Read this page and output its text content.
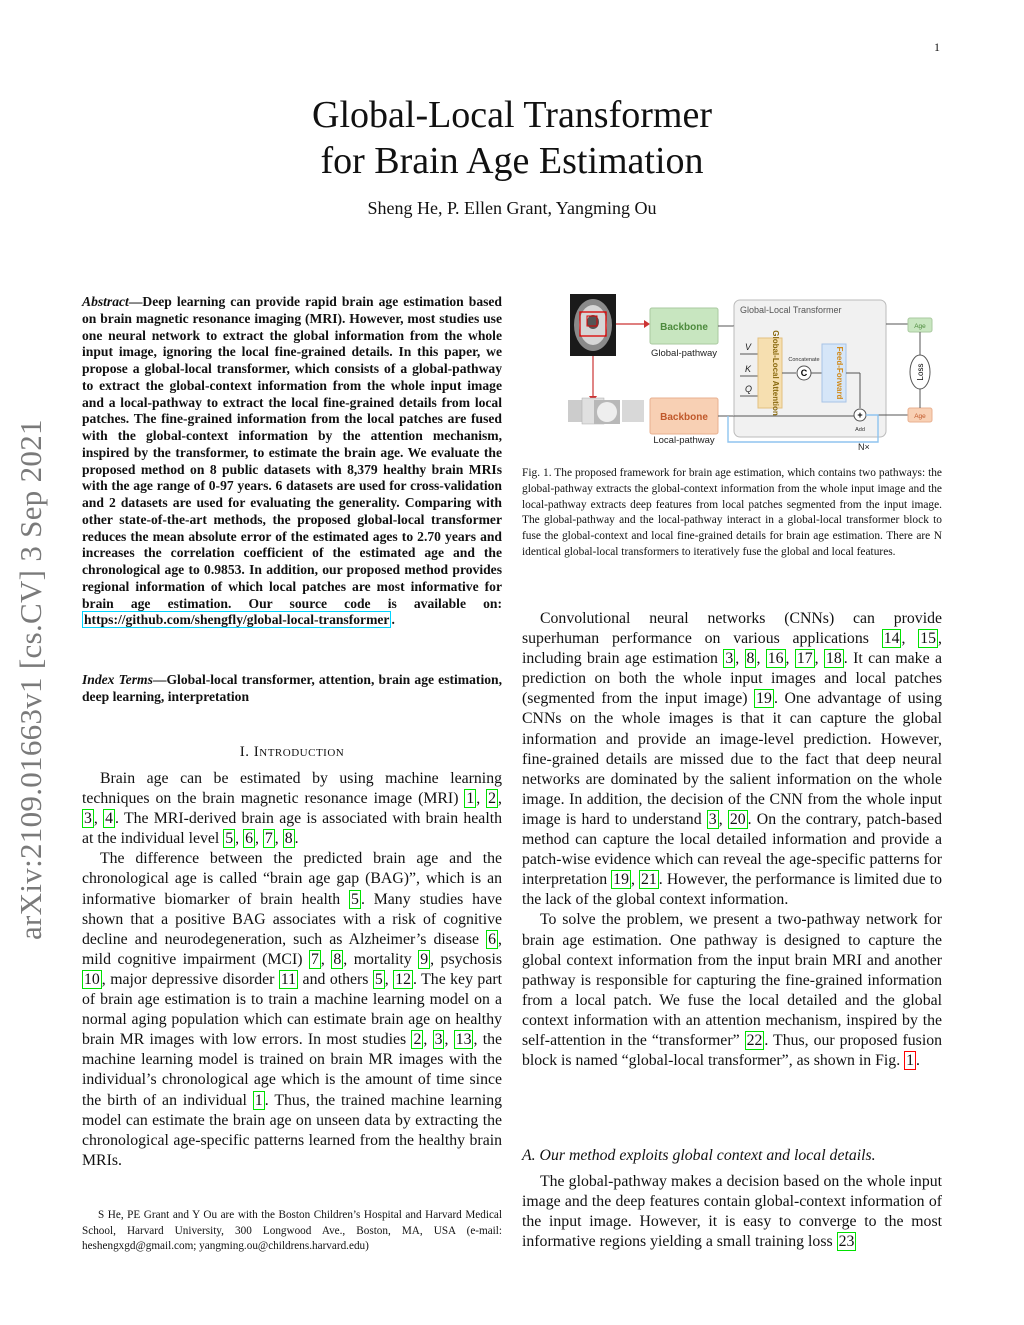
1
arXiv:2109.01663v1 [cs.CV] 3 Sep 2021
Global-Local Transformer
for Brain Age Estimation
Sheng He, P. Ellen Grant, Yangming Ou
Abstract—Deep learning can provide rapid brain age estimation based on brain magnetic resonance imaging (MRI). However, most studies use one neural network to extract the global information from the whole input image, ignoring the local fine-grained details. In this paper, we propose a global-local transformer, which consists of a global-pathway to extract the global-context information from the whole input image and a local-pathway to extract the local fine-grained details from local patches. The fine-grained information from the local patches are fused with the global-context information by the attention mechanism, inspired by the transformer, to estimate the brain age. We evaluate the proposed method on 8 public datasets with 8,379 healthy brain MRIs with the age range of 0-97 years. 6 datasets are used for cross-validation and 2 datasets are used for evaluating the generality. Comparing with other state-of-the-art methods, the proposed global-local transformer reduces the mean absolute error of the estimated ages to 2.70 years and increases the correlation coefficient of the estimated age and the chronological age to 0.9853. In addition, our proposed method provides regional information of which local patches are most informative for brain age estimation. Our source code is available on: https://github.com/shengfly/global-local-transformer .
Index Terms—Global-local transformer, attention, brain age estimation, deep learning, interpretation
I. Introduction

Brain age can be estimated by using machine learning techniques on the brain magnetic resonance image (MRI) 1 , 2 , 3 , 4 . The MRI-derived brain age is associated with brain health at the individual level 5 , 6 , 7 , 8 .

The difference between the predicted brain age and the chronological age is called “brain age gap (BAG)”, which is an informative biomarker of brain health 5 . Many studies have shown that a positive BAG associates with a risk of cognitive decline and neurodegeneration, such as Alzheimer’s disease 6 , mild cognitive impairment (MCI) 7 , 8 , mortality 9 , psychosis 10 , major depressive disorder 11 and others 5 , 12 . The key part of brain age estimation is to train a machine learning model on a normal aging population which can estimate brain age on healthy brain MR images with low errors. In most studies 2 , 3 , 13 , the machine learning model is trained on brain MR images with the individual’s chronological age which is the amount of time since the birth of an individual 1 . Thus, the trained machine learning model can estimate the brain age on unseen data by extracting the chronological age-specific patterns learned from the healthy brain MRIs.

S He, PE Grant and Y Ou are with the Boston Children’s Hospital and Harvard Medical School, Harvard University, 300 Longwood Ave., Boston, MA, USA (e-mail: heshengxgd@gmail.com; yangming.ou@childrens.harvard.edu)
Backbone
Global-pathway
Backbone
Local-pathway
Global-Local Transformer
V
K
Q Global-Local Attention C
Concatenate Feed-Forward
+
Add
N×
Age
Age
Loss
Fig. 1. The proposed framework for brain age estimation, which contains two pathways: the global-pathway extracts the global-context information from the whole input image and the local-pathway extracts deep features from local patches segmented from the input image. The global-pathway and the local-pathway interact in a global-local transformer block to fuse the global-context and local fine-grained details for brain age estimation. There are N identical global-local transformers to iteratively fuse the global and local features.

Convolutional neural networks (CNNs) can provide superhuman performance on various applications 14 , 15 , including brain age estimation 3 , 8 , 16 , 17 , 18 . It can make a prediction on both the whole input images and local patches (segmented from the input image) 19 . One advantage of using CNNs on the whole images is that it can capture the global information and provide an image-level prediction. However, fine-grained details are missed due to the fact that deep neural networks are dominated by the salient information on the whole image. In addition, the decision of the CNN from the whole input image is hard to understand 3 , 20 . On the contrary, patch-based method can capture the local detailed information and provide a patch-wise evidence which can reveal the age-specific patterns for interpretation 19 , 21 . However, the performance is limited due to the lack of the global context information.

To solve the problem, we present a two-pathway network for brain age estimation. One pathway is designed to capture the global context information from the input brain MRI and another pathway is responsible for capturing the fine-grained information from a local patch. We fuse the local detailed and the global context information with an attention mechanism, inspired by the self-attention in the “transformer” 22 . Thus, our proposed fusion block is named “global-local transformer”, as shown in Fig. 1 .

A. Our method exploits global context and local details.

The global-pathway makes a decision based on the whole input image and the deep features contain global-context information of the input image. However, it is easy to converge to the most informative regions yielding a small training loss 23
